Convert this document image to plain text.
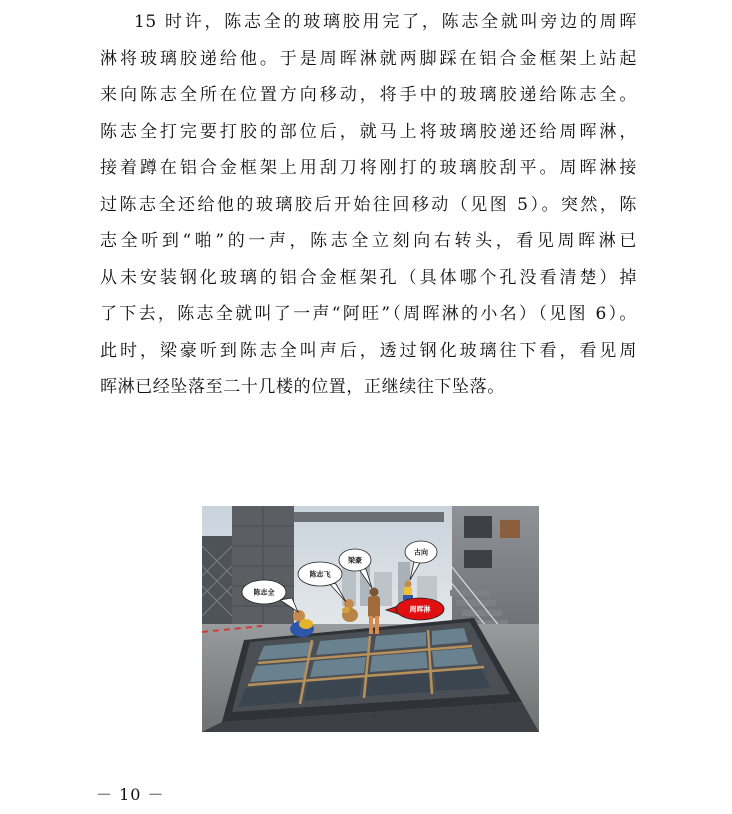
15 时许，陈志全的玻璃胶用完了，陈志全就叫旁边的周晖
淋将玻璃胶递给他。于是周晖淋就两脚踩在铝合金框架上站起
来向陈志全所在位置方向移动，将手中的玻璃胶递给陈志全。
陈志全打完要打胶的部位后，就马上将玻璃胶递还给周晖淋，
接着蹲在铝合金框架上用刮刀将刚打的玻璃胶刮平。周晖淋接
过陈志全还给他的玻璃胶后开始往回移动（见图 5）。突然，陈
志全听到“啪”的一声，陈志全立刻向右转头，看见周晖淋已
从未安装钢化玻璃的铝合金框架孔（具体哪个孔没看清楚）掉
了下去，陈志全就叫了一声“阿旺”（周晖淋的小名）（见图 6）。
此时，梁豪听到陈志全叫声后，透过钢化玻璃往下看，看见周
晖淋已经坠落至二十几楼的位置，正继续往下坠落。
陈志全
陈志飞
梁豪
古向
周晖淋
－ 10 －
